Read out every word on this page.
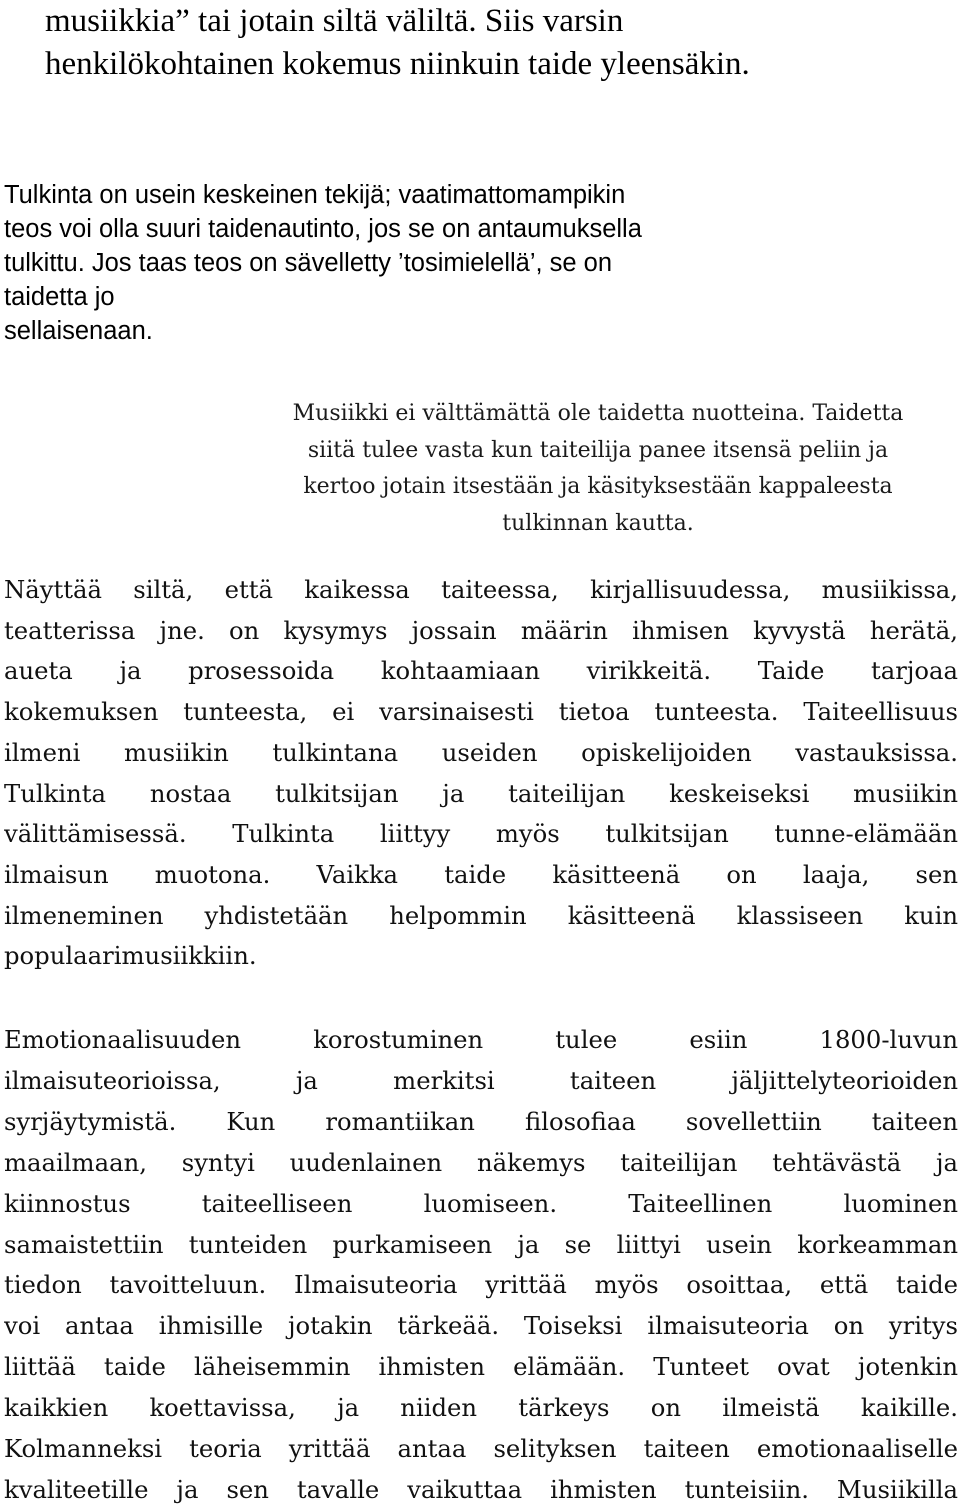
musiikkia” tai jotain siltä väliltä. Siis varsin
henkilökohtainen kokemus niinkuin taide yleensäkin.
Tulkinta on usein keskeinen tekijä; vaatimattomampikin
teos voi olla suuri taidenautinto, jos se on antaumuksella
tulkittu. Jos taas teos on sävelletty ’tosimielellä’, se on
taidetta jo
sellaisenaan.
Musiikki ei välttämättä ole taidetta nuotteina. Taidetta
siitä tulee vasta kun taiteilija panee itsensä peliin ja
kertoo jotain itsestään ja käsityksestään kappaleesta
tulkinnan kautta.
Näyttää siltä, että kaikessa taiteessa, kirjallisuudessa, musiikissa,
teatterissa jne. on kysymys jossain määrin ihmisen kyvystä herätä,
aueta ja prosessoida kohtaamiaan virikkeitä. Taide tarjoaa
kokemuksen tunteesta, ei varsinaisesti tietoa tunteesta. Taiteellisuus
ilmeni musiikin tulkintana useiden opiskelijoiden vastauksissa.
Tulkinta nostaa tulkitsijan ja taiteilijan keskeiseksi musiikin
välittämisessä. Tulkinta liittyy myös tulkitsijan tunne-elämään
ilmaisun muotona. Vaikka taide käsitteenä on laaja, sen
ilmeneminen yhdistetään helpommin käsitteenä klassiseen kuin
populaarimusiikkiin.
Emotionaalisuuden korostuminen tulee esiin 1800-luvun
ilmaisuteorioissa, ja merkitsi taiteen jäljittelyteorioiden
syrjäytymistä. Kun romantiikan filosofiaa sovellettiin taiteen
maailmaan, syntyi uudenlainen näkemys taiteilijan tehtävästä ja
kiinnostus taiteelliseen luomiseen. Taiteellinen luominen
samaistettiin tunteiden purkamiseen ja se liittyi usein korkeamman
tiedon tavoitteluun. Ilmaisuteoria yrittää myös osoittaa, että taide
voi antaa ihmisille jotakin tärkeää. Toiseksi ilmaisuteoria on yritys
liittää taide läheisemmin ihmisten elämään. Tunteet ovat jotenkin
kaikkien koettavissa, ja niiden tärkeys on ilmeistä kaikille.
Kolmanneksi teoria yrittää antaa selityksen taiteen emotionaaliselle
kvaliteetille ja sen tavalle vaikuttaa ihmisten tunteisiin. Musiikilla
